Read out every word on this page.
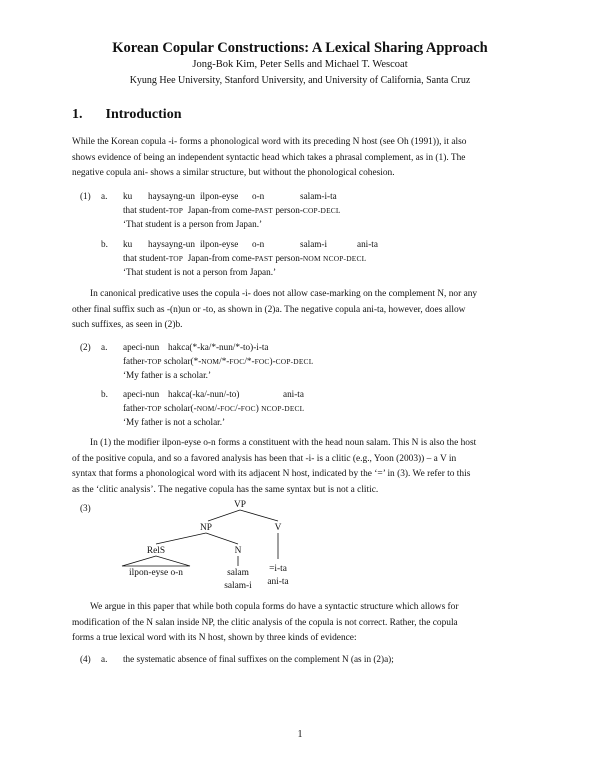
Korean Copular Constructions: A Lexical Sharing Approach
Jong-Bok Kim, Peter Sells and Michael T. Wescoat
Kyung Hee University, Stanford University, and University of California, Santa Cruz
1. Introduction
While the Korean copula -i- forms a phonological word with its preceding N host (see Oh (1991)), it also
shows evidence of being an independent syntactic head which takes a phrasal complement, as in (1). The
negative copula ani- shows a similar structure, but without the phonological cohesion.
(1) a. ku haysayng-un ilpon-eyse o-n	salam-i-ta
that student-TOP Japan-from come-PAST person-COP-DECL
‘That student is a person from Japan.’
b. ku haysayng-un ilpon-eyse o-n	salam-i	ani-ta
that student-TOP Japan-from come-PAST person-NOM NCOP-DECL
‘That student is not a person from Japan.’
In canonical predicative uses the copula -i- does not allow case-marking on the complement N, nor any
other final suffix such as -(n)un or -to, as shown in (2)a. The negative copula ani-ta, however, does allow
such suffixes, as seen in (2)b.
(2) a. apeci-nun hakca(*-ka/*-nun/*-to)-i-ta
father-TOP scholar(*-NOM/*-FOC/*-FOC)-COP-DECL
‘My father is a scholar.’
b. apeci-nun hakca(-ka/-nun/-to)	ani-ta
father-TOP scholar(-NOM/-FOC/-FOC) NCOP-DECL
‘My father is not a scholar.’
In (1) the modifier ilpon-eyse o-n forms a constituent with the head noun salam. This N is also the host
of the positive copula, and so a favored analysis has been that -i- is a clitic (e.g., Yoon (2003)) – a V in
syntax that forms a phonological word with its adjacent N host, indicated by the ‘=’ in (3). We refer to this
as the ‘clitic analysis’. The negative copula has the same syntax but is not a clitic.
(3)	VP
NP	V
RelS	N
ilpon-eyse o-n	salam
salam-i
=i-ta
ani-ta
We argue in this paper that while both copula forms do have a syntactic structure which allows for
modification of the N salan inside NP, the clitic analysis of the copula is not correct. Rather, the copula
forms a true lexical word with its N host, shown by three kinds of evidence:
(4) a. the systematic absence of final suffixes on the complement N (as in (2)a);
1
